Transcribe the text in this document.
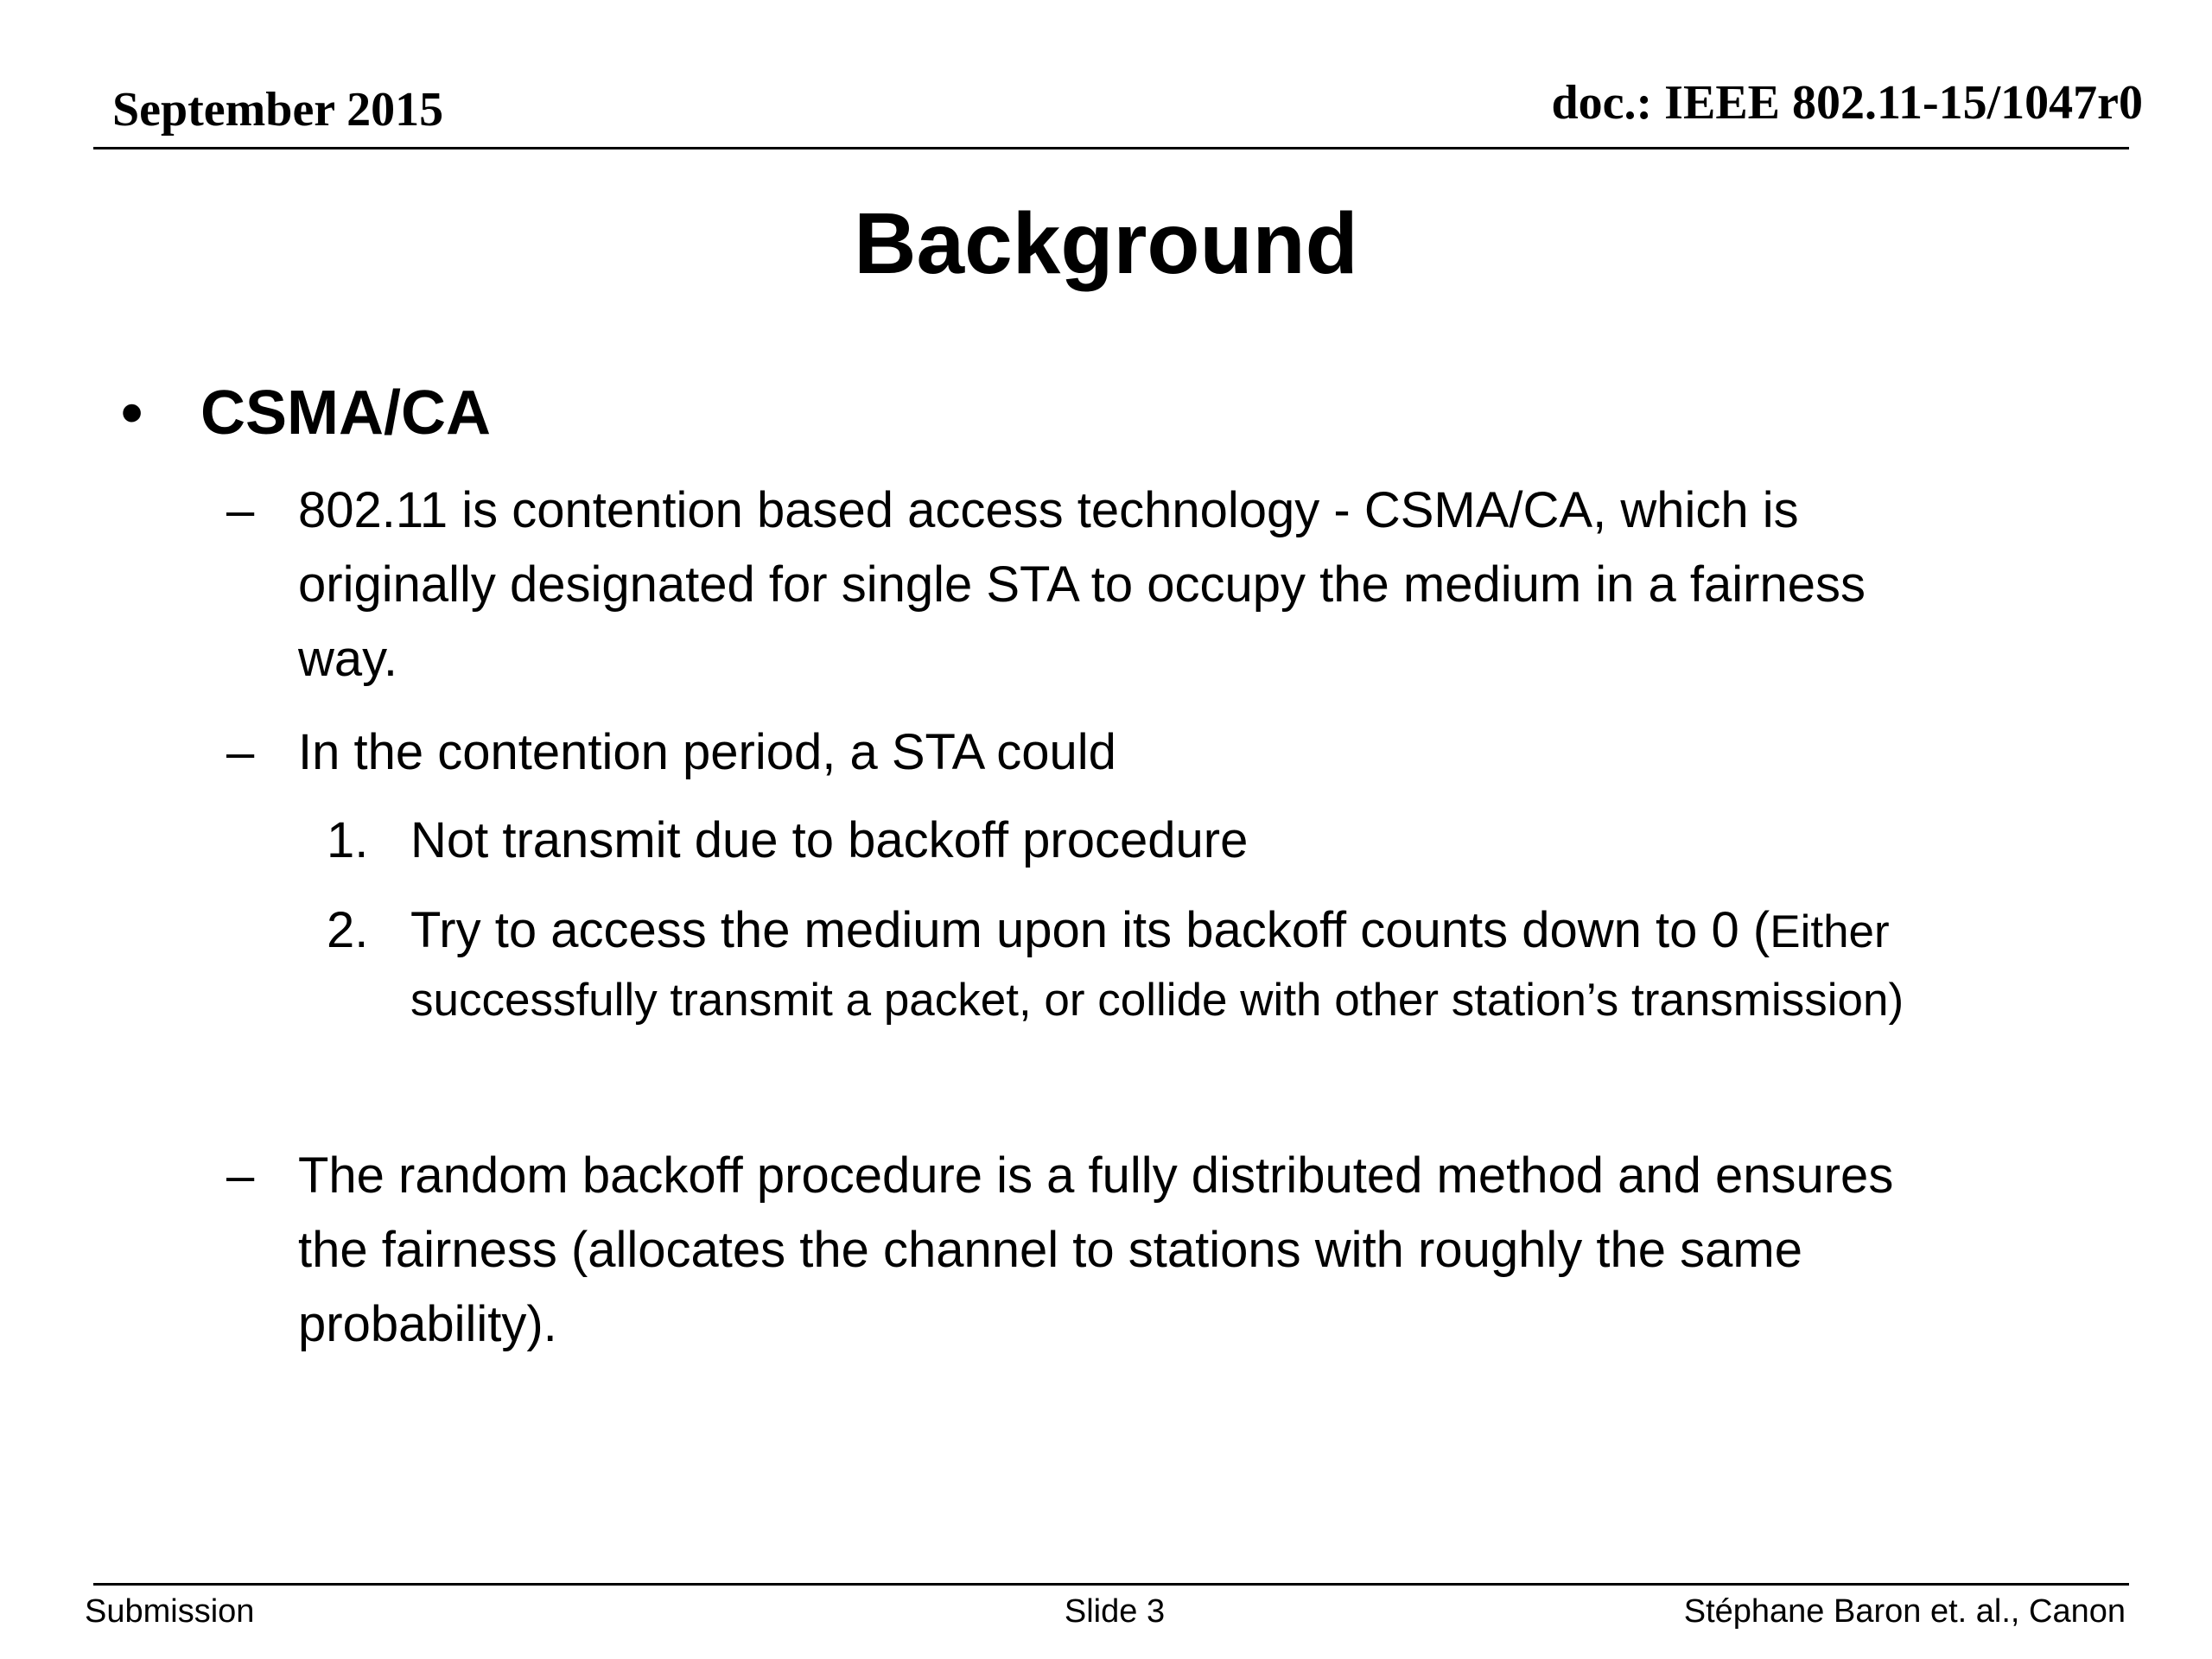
September 2015	doc.: IEEE 802.11-15/1047r0
Background
• CSMA/CA
– 802.11 is contention based access technology - CSMA/CA, which is
originally designated for single STA to occupy the medium in a fairness
way.
– In the contention period, a STA could
1. Not transmit due to backoff procedure
2. Try to access the medium upon its backoff counts down to 0 (Either
successfully transmit a packet, or collide with other station’s transmission)
– The random backoff procedure is a fully distributed method and ensures
the fairness (allocates the channel to stations with roughly the same
probability).
Submission	Slide 3	Stéphane Baron et. al., Canon
